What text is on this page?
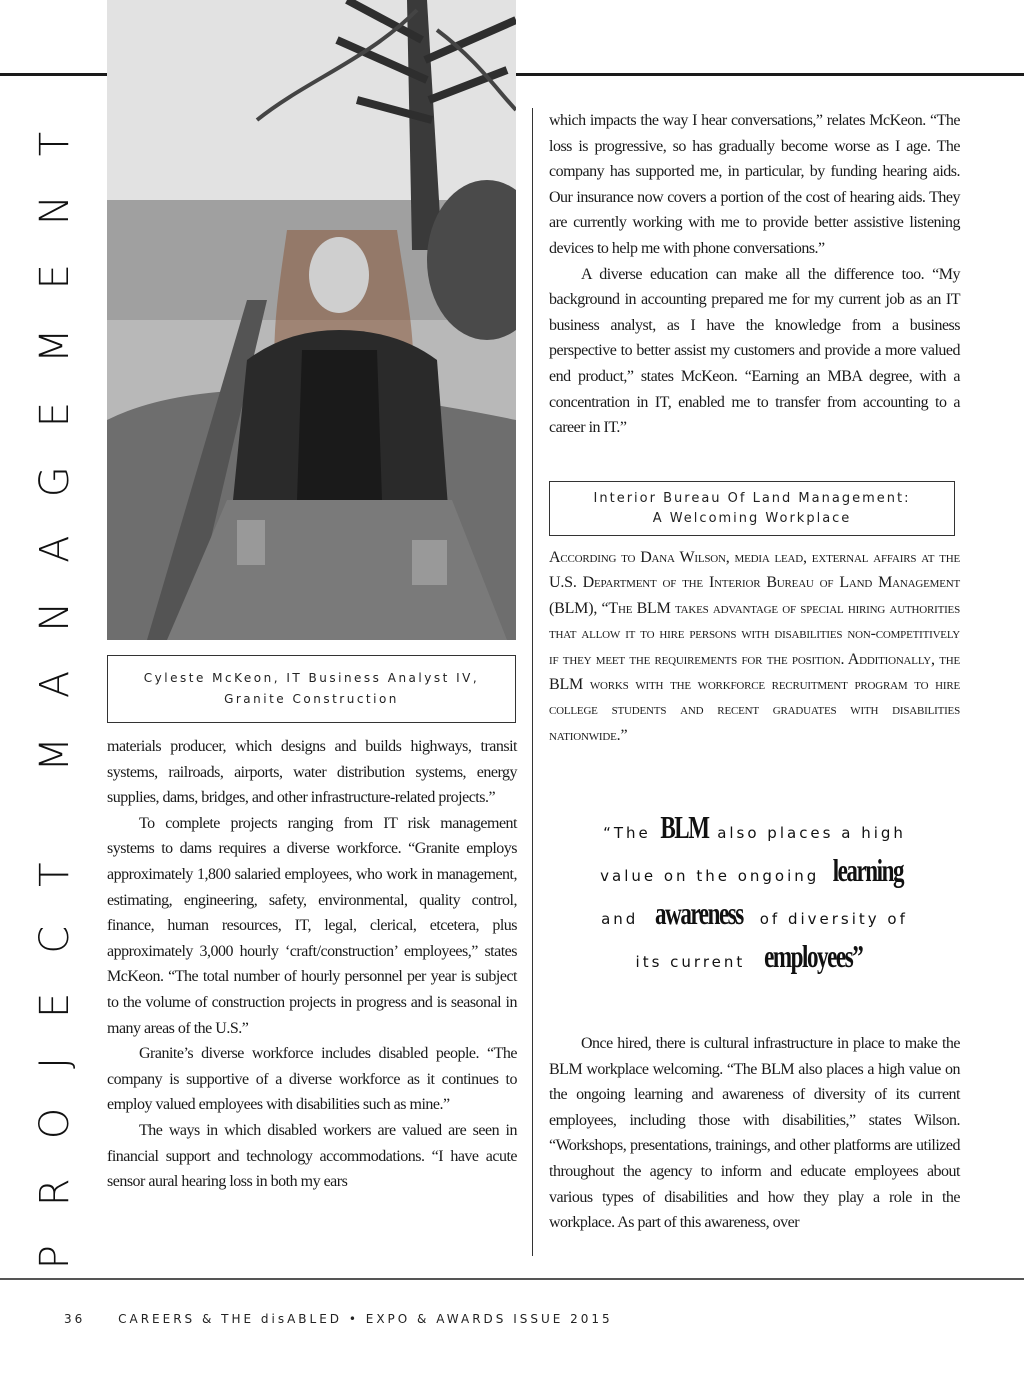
PROJECT MANAGEMENT	Cyleste McKeon, IT Business Analyst IV,
Granite Construction

materials producer, which designs and builds highways, transit systems, railroads, airports, water distribution systems, energy supplies, dams, bridges, and other infrastructure-related projects.”

To complete projects ranging from IT risk management systems to dams requires a diverse workforce. “Granite employs approximately 1,800 salaried employees, who work in management, estimating, engineering, safety, environmental, quality control, finance, human resources, IT, legal, clerical, etcetera, plus approximately 3,000 hourly ‘craft/construction’ employees,” states McKeon. “The total number of hourly personnel per year is subject to the volume of construction projects in progress and is seasonal in many areas of the U.S.”

Granite’s diverse workforce includes disabled people. “The company is supportive of a diverse workforce as it continues to employ valued employees with disabilities such as mine.”

The ways in which disabled workers are valued are seen in financial support and technology accommodations. “I have acute sensor aural hearing loss in both my ears

which impacts the way I hear conversations,” relates McKeon. “The loss is progressive, so has gradually become worse as I age. The company has supported me, in particular, by funding hearing aids. Our insurance now covers a portion of the cost of hearing aids. They are currently working with me to provide better assistive listening devices to help me with phone conversations.”

A diverse education can make all the difference too. “My background in accounting prepared me for my current job as an IT business analyst, as I have the knowledge from a business perspective to better assist my customers and provide a more valued end product,” states McKeon. “Earning an MBA degree, with a concentration in IT, enabled me to transfer from accounting to a career in IT.”

Interior Bureau Of Land Management:
A Welcoming Workplace

According to Dana Wilson, media lead, external affairs at the U.S. Department of the Interior Bureau of Land Management (BLM), “The BLM takes advantage of special hiring authorities that allow it to hire persons with disabilities non-competitively if they meet the requirements for the position. Additionally, the BLM works with the workforce recruitment program to hire college students and recent graduates with disabilities nationwide.”

“The BLM also places a high
value on the ongoing learning
and awareness of diversity of
its current employees”

Once hired, there is cultural infrastructure in place to make the BLM workplace welcoming. “The BLM also places a high value on the ongoing learning and awareness of diversity of its current employees, including those with disabilities,” states Wilson. “Workshops, presentations, trainings, and other platforms are utilized throughout the agency to inform and educate employees about various types of disabilities and how they play a role in the workplace. As part of this awareness, over

36	CAREERS & THE disABLED • EXPO & AWARDS ISSUE 2015
